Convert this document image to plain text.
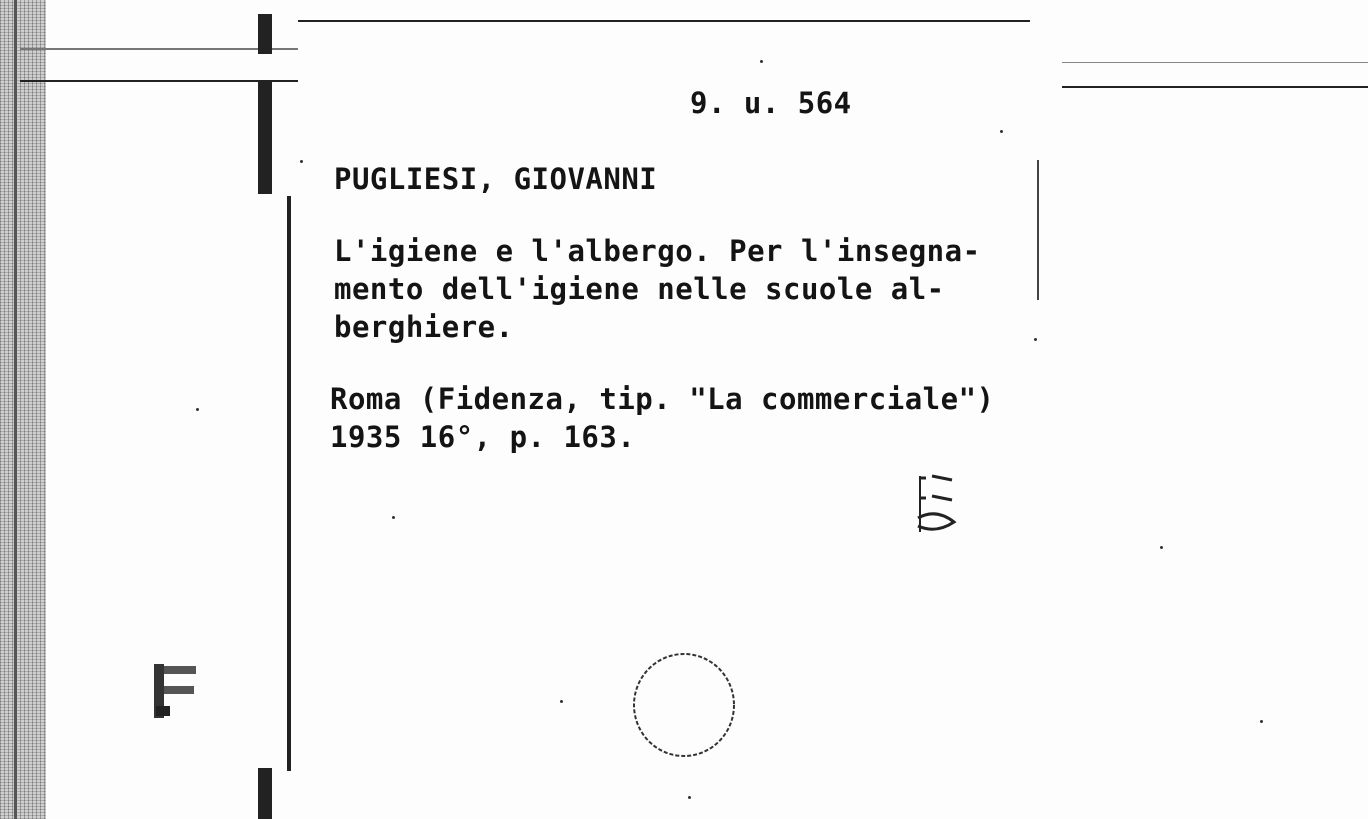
9. u. 564
PUGLIESI, GIOVANNI
L'igiene e l'albergo. Per l'insegna-
mento dell'igiene nelle scuole al-
berghiere.
Roma (Fidenza, tip. "La commerciale")
1935 16°, p. 163.
